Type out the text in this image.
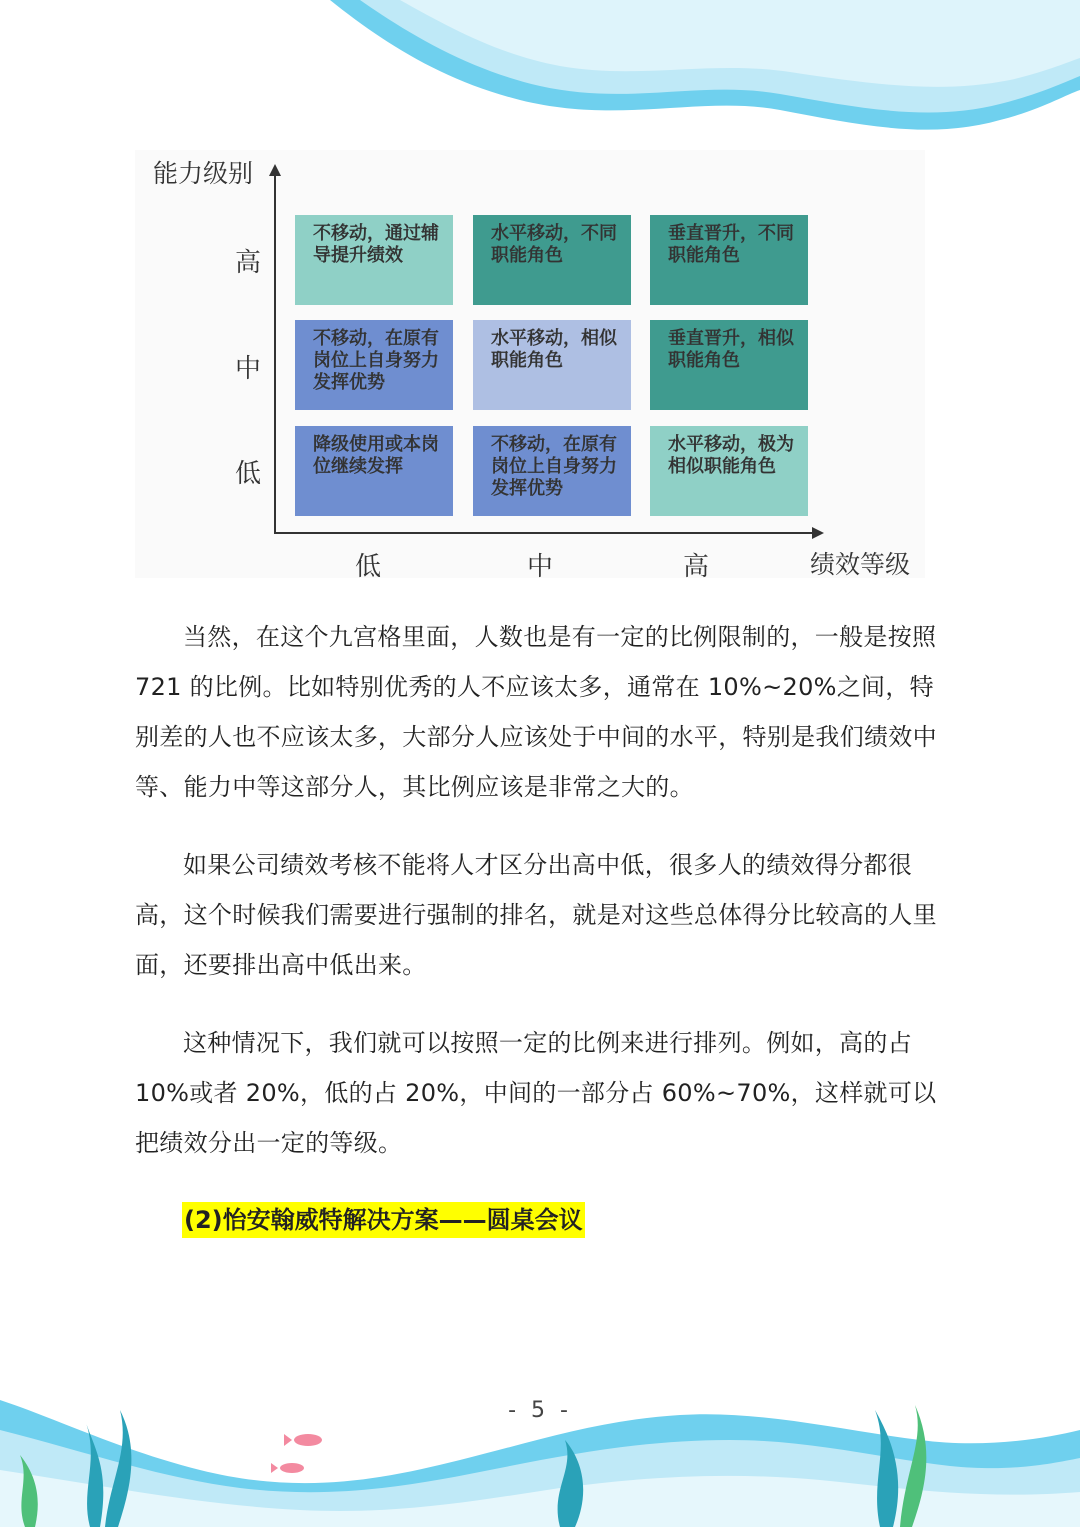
能力级别
绩效等级
高
中
低
低	中	高
不移动，通过辅导提升绩效
水平移动，不同职能角色
垂直晋升，不同职能角色
不移动，在原有岗位上自身努力发挥优势
水平移动，相似职能角色
垂直晋升，相似职能角色
降级使用或本岗位继续发挥
不移动，在原有岗位上自身努力发挥优势
水平移动，极为相似职能角色

当然，在这个九宫格里面，人数也是有一定的比例限制的，一般是按照 721 的比例。比如特别优秀的人不应该太多，通常在 10%~20%之间，特别差的人也不应该太多，大部分人应该处于中间的水平，特别是我们绩效中等、能力中等这部分人，其比例应该是非常之大的。

如果公司绩效考核不能将人才区分出高中低，很多人的绩效得分都很高，这个时候我们需要进行强制的排名，就是对这些总体得分比较高的人里面，还要排出高中低出来。

这种情况下，我们就可以按照一定的比例来进行排列。例如，高的占 10%或者 20%，低的占 20%，中间的一部分占 60%~70%，这样就可以把绩效分出一定的等级。

(2)怡安翰威特解决方案——圆桌会议
- 5 -
